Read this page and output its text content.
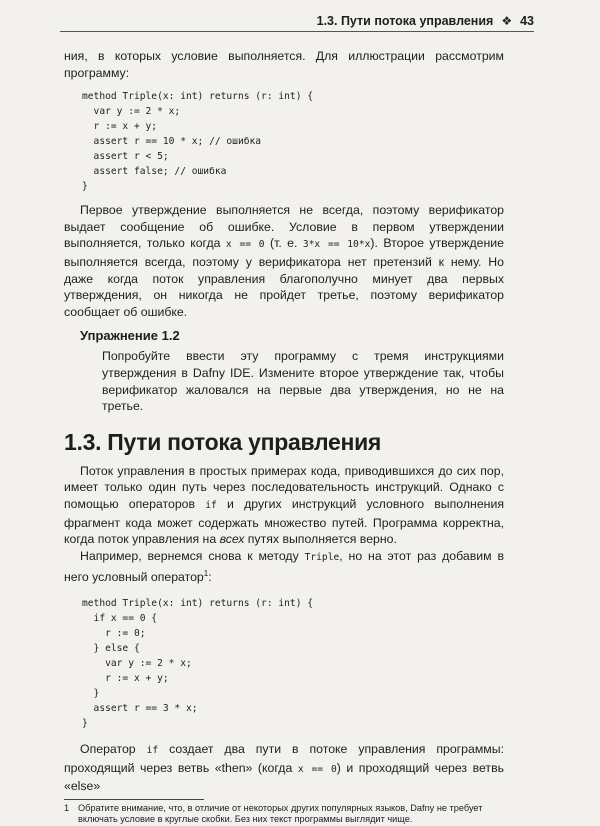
1.3. Пути потока управления ❖ 43

ния, в которых условие выполняется. Для иллюстрации рассмотрим программу:

method Triple(x: int) returns (r: int) {
var y := 2 * x;
r := x + y;
assert r == 10 * x; // ошибка
assert r < 5;
assert false; // ошибка
}

Первое утверждение выполняется не всегда, поэтому верификатор выдает сообщение об ошибке. Условие в первом утверждении выполняется, только когда x == 0 (т. е. 3*x == 10*x). Второе утверждение выполняется всегда, поэтому у верификатора нет претензий к нему. Но даже когда поток управления благополучно минует два первых утверждения, он никогда не пройдет третье, поэтому верификатор сообщает об ошибке.

Упражнение 1.2

Попробуйте ввести эту программу с тремя инструкциями утверждения в Dafny IDE. Измените второе утверждение так, чтобы верификатор жаловался на первые два утверждения, но не на третье.

1.3. Пути потока управления

Поток управления в простых примерах кода, приводившихся до сих пор, имеет только один путь через последовательность инструкций. Однако с помощью операторов if и других инструкций условного выполнения фрагмент кода может содержать множество путей. Программа корректна, когда поток управления на всех путях выполняется верно.

Например, вернемся снова к методу Triple, но на этот раз добавим в него условный оператор$^1$:

method Triple(x: int) returns (r: int) {
if x == 0 {
r := 0;
} else {
var y := 2 * x;
r := x + y;
}
assert r == 3 * x;
}

Оператор if создает два пути в потоке управления программы: проходящий через ветвь «then» (когда x == 0) и проходящий через ветвь «else»

1 Обратите внимание, что, в отличие от некоторых других популярных языков, Dafny не требует включать условие в круглые скобки. Без них текст программы выглядит чище.
